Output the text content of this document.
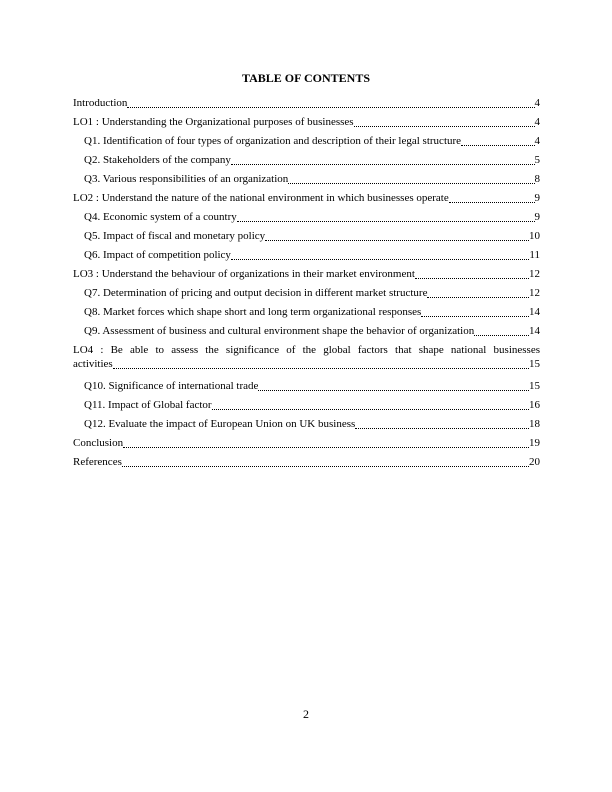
TABLE OF CONTENTS
Introduction	4
LO1 : Understanding the Organizational purposes of businesses	4
Q1. Identification of four types of organization and description of their legal structure	4
Q2. Stakeholders of the company	5
Q3. Various responsibilities of an organization	8
LO2 : Understand the nature of the national environment in which businesses operate	9
Q4. Economic system of a country	9
Q5. Impact of fiscal and monetary policy	10
Q6. Impact of competition policy	11
LO3 : Understand the behaviour of organizations in their market environment	12
Q7. Determination of pricing and output decision in different market structure	12
Q8. Market forces which shape short and long term organizational responses	14
Q9. Assessment of business and cultural environment shape the behavior of organization	14
LO4 : Be able to assess the significance of the global factors that shape national businesses
activities	15
Q10. Significance of international trade	15
Q11. Impact of Global factor	16
Q12. Evaluate the impact of European Union on UK business	18
Conclusion	19
References	20
2
